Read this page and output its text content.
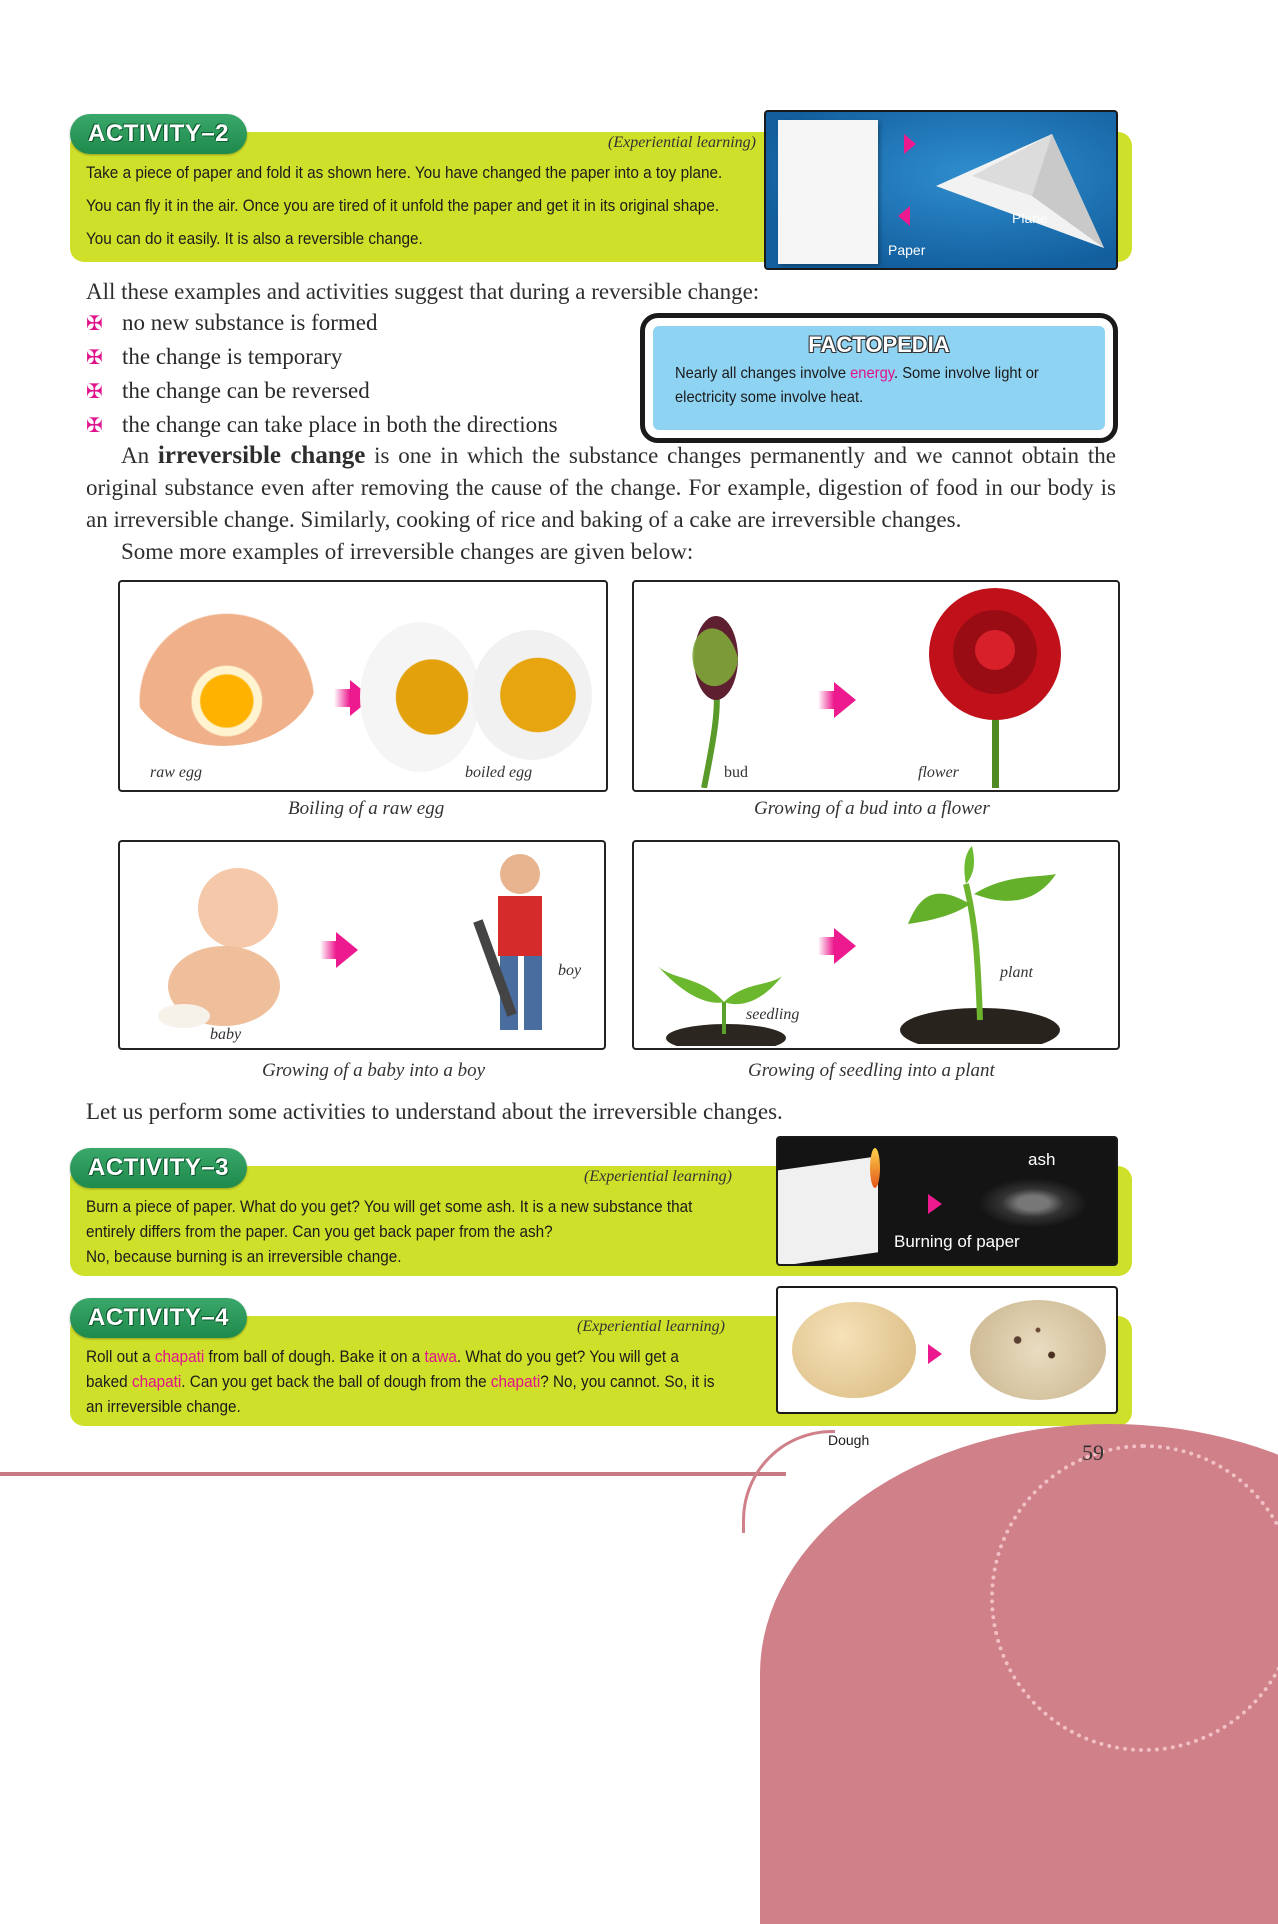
ACTIVITY–2	(Experiential learning)
Take a piece of paper and fold it as shown here. You have changed the paper into a toy plane.
You can fly it in the air. Once you are tired of it unfold the paper and get it in its original shape.
You can do it easily. It is also a reversible change.
Plane
Paper
All these examples and activities suggest that during a reversible change:
✠ no new substance is formed
✠ the change is temporary
✠ the change can be reversed
✠ the change can take place in both the directions
FACTOPEDIA
Nearly all changes involve energy. Some involve light or electricity some involve heat.
An irreversible change is one in which the substance changes permanently and we cannot obtain the original substance even after removing the cause of the change. For example, digestion of food in our body is an irreversible change. Similarly, cooking of rice and baking of a cake are irreversible changes.
Some more examples of irreversible changes are given below:
raw egg	boiled egg
Boiling of a raw egg
bud	flower
Growing of a bud into a flower
boy
baby
Growing of a baby into a boy
seedling
plant
Growing of seedling into a plant
Let us perform some activities to understand about the irreversible changes.
ACTIVITY–3	(Experiential learning)
Burn a piece of paper. What do you get? You will get some ash. It is a new substance that
entirely differs from the paper. Can you get back paper from the ash?
No, because burning is an irreversible change.
ash
Burning of paper
ACTIVITY–4	(Experiential learning)
Roll out a chapati from ball of dough. Bake it on a tawa. What do you get? You will get a
baked chapati. Can you get back the ball of dough from the chapati? No, you cannot. So, it is
an irreversible change.
Dough	59
